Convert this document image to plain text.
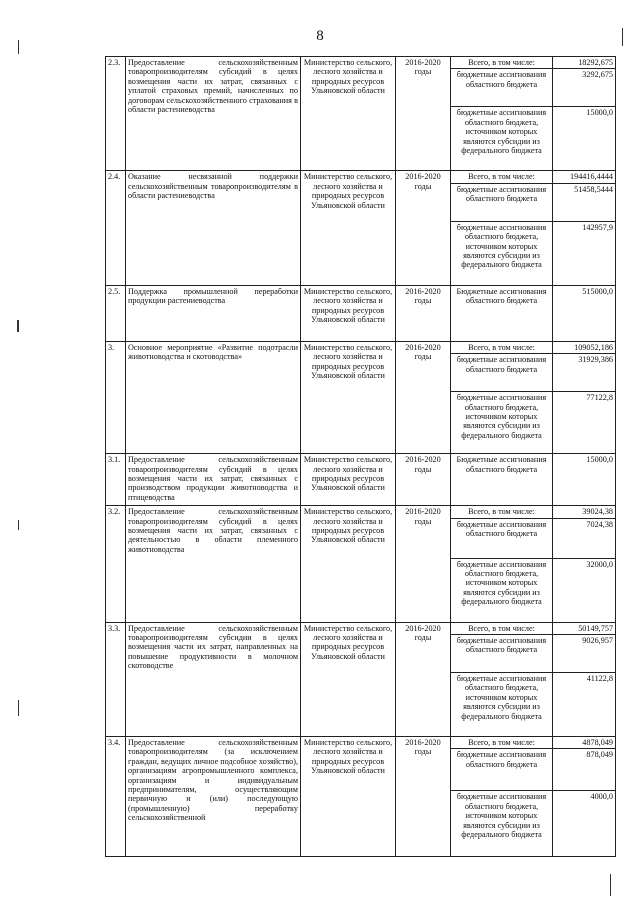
8
2.3.	Предоставление сельскохозяйственным товаропроизводителям субсидий в целях возмещения части их затрат, связанных с уплатой страховых премий, начисленных по договорам сельскохозяйственного страхования в области растениеводства	Министерство сельского, лесного хозяйства и природных ресурсов Ульяновской области	2016-2020 годы	Всего, в том числе:	18292,675
				бюджетные ассигнования областного бюджета	3292,675
				бюджетные ассигнования областного бюджета, источником которых являются субсидии из федерального бюджета	15000,0
2.4.	Оказание несвязанной поддержки сельскохозяйственным товаропроизводителям в области растениеводства	Министерство сельского, лесного хозяйства и природных ресурсов Ульяновской области	2016-2020 годы	Всего, в том числе:	194416,4444
				бюджетные ассигнования областного бюджета	51458,5444
				бюджетные ассигнования областного бюджета, источником которых являются субсидии из федерального бюджета	142957,9
2.5.	Поддержка промышленной переработки продукции растениеводства	Министерство сельского, лесного хозяйства и природных ресурсов Ульяновской области	2016-2020 годы	Бюджетные ассигнования областного бюджета	515000,0
3.	Основное мероприятие «Развитие подотрасли животноводства и скотоводства»	Министерство сельского, лесного хозяйства и природных ресурсов Ульяновской области	2016-2020 годы	Всего, в том числе:	109052,186
				бюджетные ассигнования областного бюджета	31929,386
				бюджетные ассигнования областного бюджета, источником которых являются субсидии из федерального бюджета	77122,8
3.1.	Предоставление сельскохозяйственным товаропроизводителям субсидий в целях возмещения части их затрат, связанных с производством продукции животноводства и птицеводства	Министерство сельского, лесного хозяйства и природных ресурсов Ульяновской области	2016-2020 годы	Бюджетные ассигнования областного бюджета	15000,0
3.2.	Предоставление сельскохозяйственным товаропроизводителям субсидий в целях возмещения части их затрат, связанных с деятельностью в области племенного животноводства	Министерство сельского, лесного хозяйства и природных ресурсов Ульяновской области	2016-2020 годы	Всего, в том числе:	39024,38
				бюджетные ассигнования областного бюджета	7024,38
				бюджетные ассигнования областного бюджета, источником которых являются субсидии из федерального бюджета	32000,0
3.3.	Предоставление сельскохозяйственным товаропроизводителям субсидии в целях возмещения части их затрат, направленных на повышение продуктивности в молочном скотоводстве	Министерство сельского, лесного хозяйства и природных ресурсов Ульяновской области	2016-2020 годы	Всего, в том числе:	50149,757
				бюджетные ассигнования областного бюджета	9026,957
				бюджетные ассигнования областного бюджета, источником которых являются субсидии из федерального бюджета	41122,8
3.4.	Предоставление сельскохозяйственным товаропроизводителям (за исключением граждан, ведущих личное подсобное хозяйство), организациям агропромышленного комплекса, организациям и индивидуальным предпринимателям, осуществляющим первичную и (или) последующую (промышленную) переработку сельскохозяйственной	Министерство сельского, лесного хозяйства и природных ресурсов Ульяновской области	2016-2020 годы	Всего, в том числе:	4878,049
				бюджетные ассигнования областного бюджета	878,049
				бюджетные ассигнования областного бюджета, источником которых являются субсидии из федерального бюджета	4000,0
